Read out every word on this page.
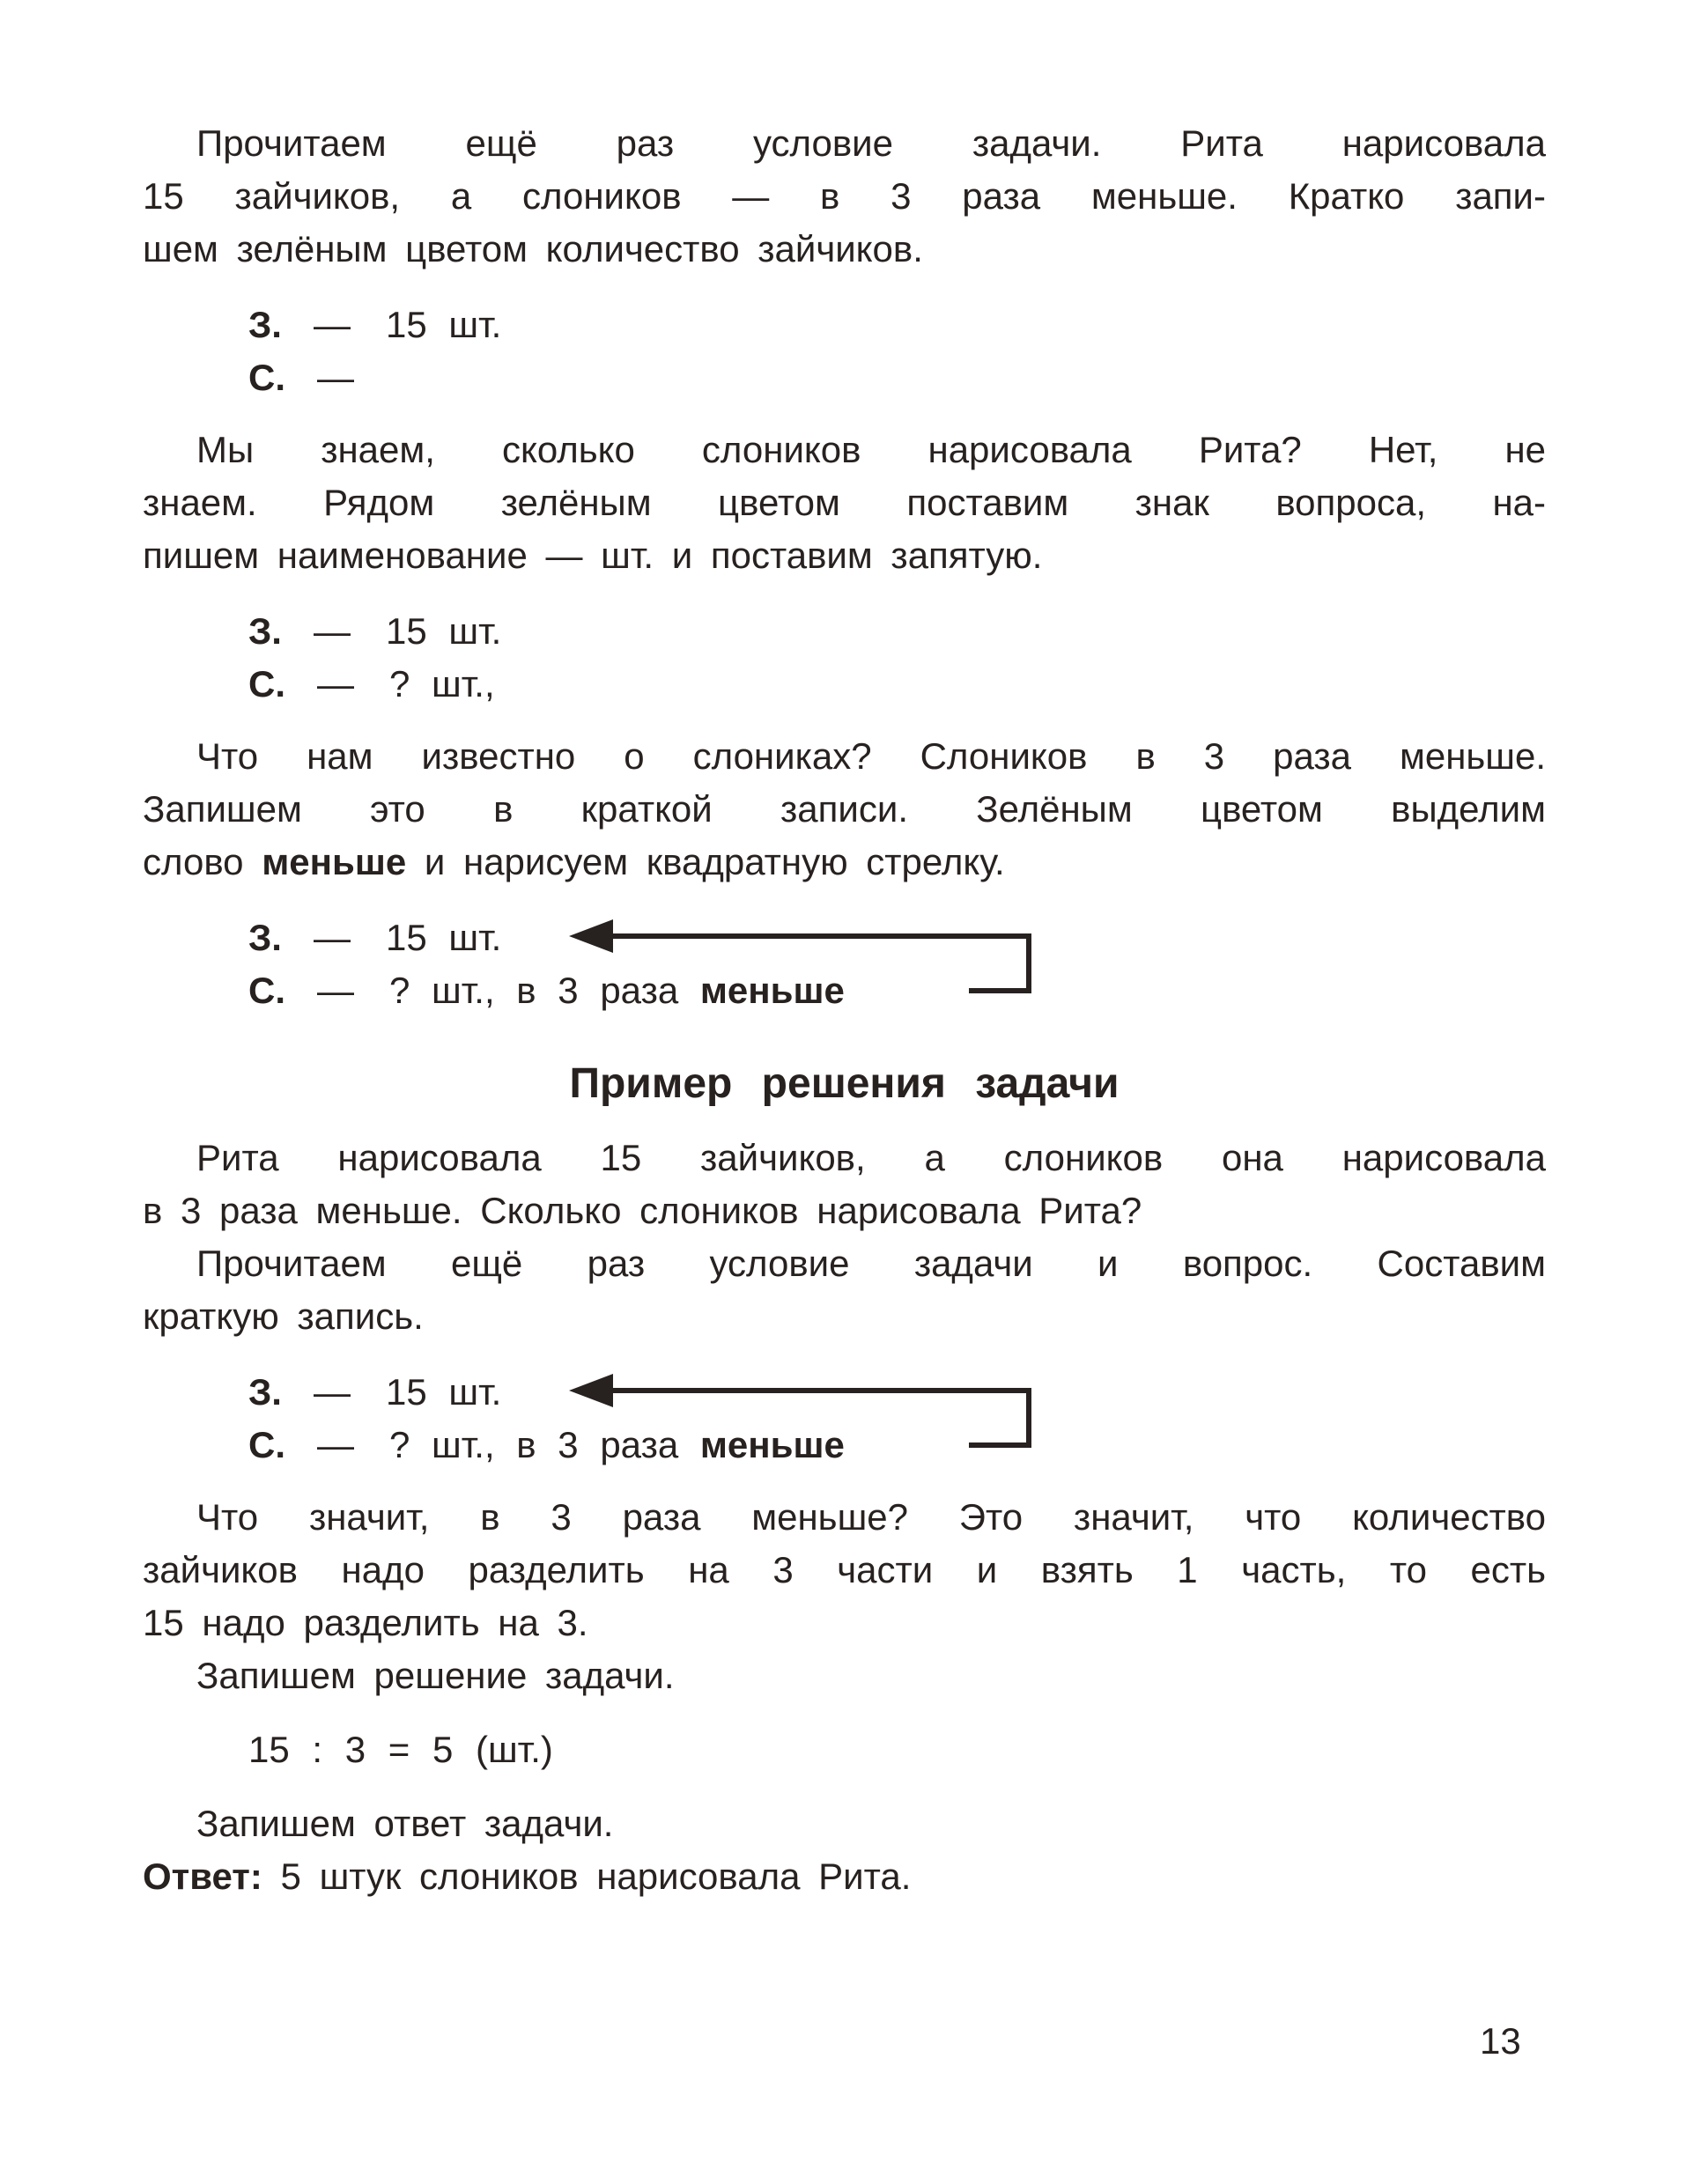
Прочитаем ещё раз условие задачи. Рита нарисовала
15 зайчиков, а слоников — в 3 раза меньше. Кратко запи-
шем зелёным цветом количество зайчиков.
З. — 15 шт.
С. —
Мы знаем, сколько слоников нарисовала Рита? Нет, не
знаем. Рядом зелёным цветом поставим знак вопроса, на-
пишем наименование — шт. и поставим запятую.
З. — 15 шт.
С. — ? шт.,
Что нам известно о слониках? Слоников в 3 раза меньше.
Запишем это в краткой записи. Зелёным цветом выделим
слово меньше и нарисуем квадратную стрелку.
З. — 15 шт.
С. — ? шт., в 3 раза меньше
Пример решения задачи
Рита нарисовала 15 зайчиков, а слоников она нарисовала
в 3 раза меньше. Сколько слоников нарисовала Рита?
Прочитаем ещё раз условие задачи и вопрос. Составим
краткую запись.
З. — 15 шт.
С. — ? шт., в 3 раза меньше
Что значит, в 3 раза меньше? Это значит, что количество
зайчиков надо разделить на 3 части и взять 1 часть, то есть
15 надо разделить на 3.
Запишем решение задачи.
15 : 3 = 5 (шт.)
Запишем ответ задачи.
Ответ: 5 штук слоников нарисовала Рита.
13
